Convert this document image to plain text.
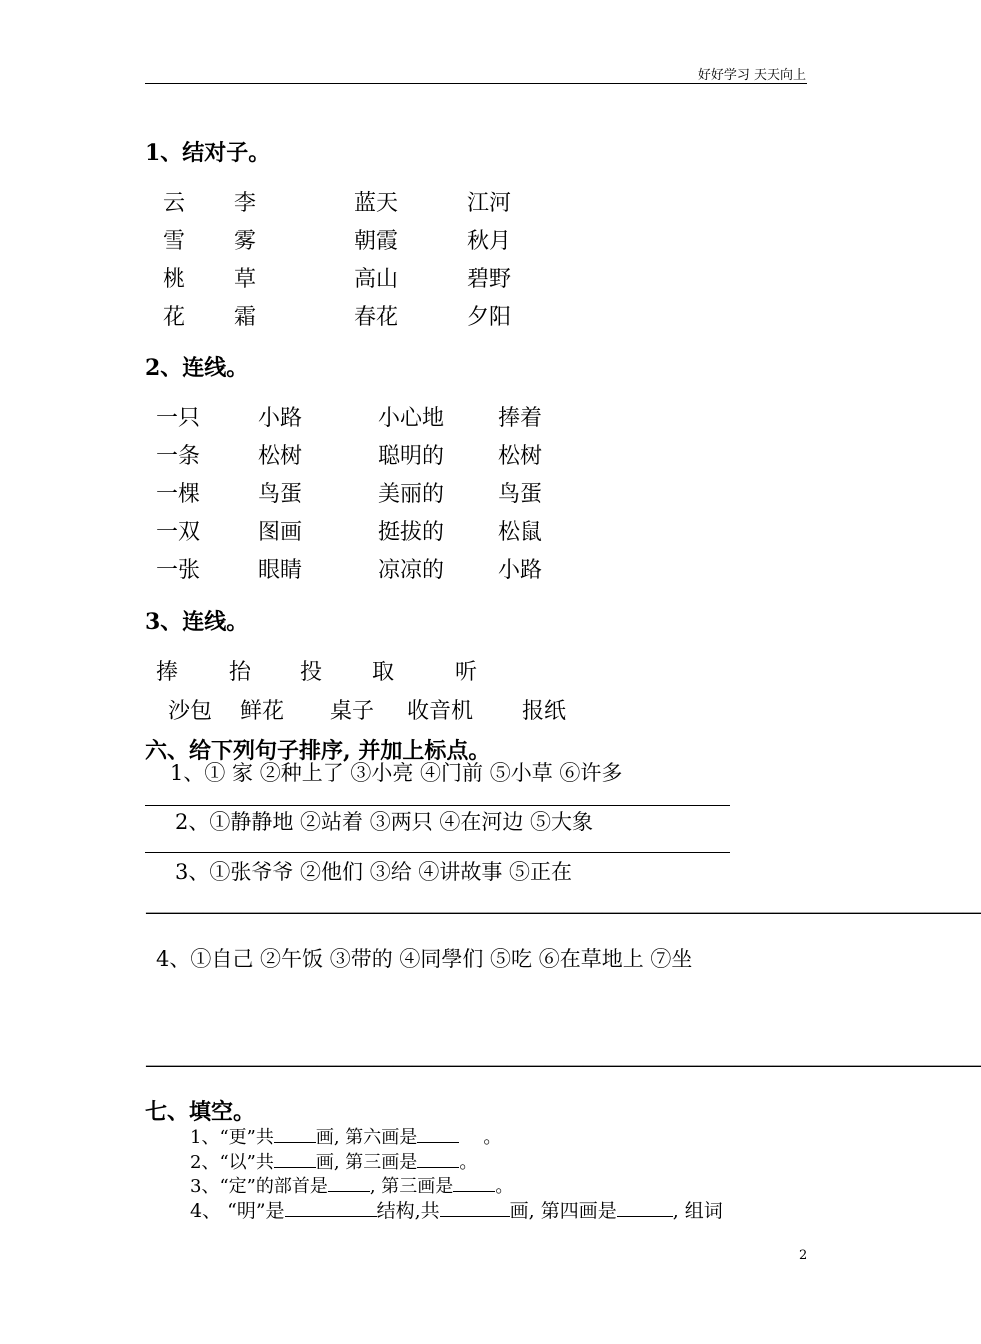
好好学习 天天向上
1、结对子。
云 李	蓝天	江河
雪 雾	朝霞	秋月
桃 草	高山	碧野
花 霜	春花	夕阳
2、连线。
一只	小路	小心地 捧着
一条	松树	聪明的 松树
一棵	鸟蛋	美丽的 鸟蛋
一双	图画	挺拔的 松鼠
一张	眼睛	凉凉的 小路
3、连线。
捧 抬 投 取	听
沙包 鲜花 桌子 收音机 报纸
六、给下列句子排序, 并加上标点。
1、① 家 ②种上了 ③小亮 ④门前 ⑤小草 ⑥许多
2、①静静地 ②站着 ③两只 ④在河边 ⑤大象
3、①张爷爷 ②他们 ③给 ④讲故事 ⑤正在
————————————————————————————————————————————
4、①自己 ②午饭 ③带的 ④同學们 ⑤吃 ⑥在草地上 ⑦坐
————————————————————————————————————————————
七、填空。
1、“更”共 画, 第六画是	。
2、“以”共 画, 第三画是 。
3、“定”的部首是 , 第三画是 。
4、 “明”是	结构,共	画, 第四画是	, 组词
2
